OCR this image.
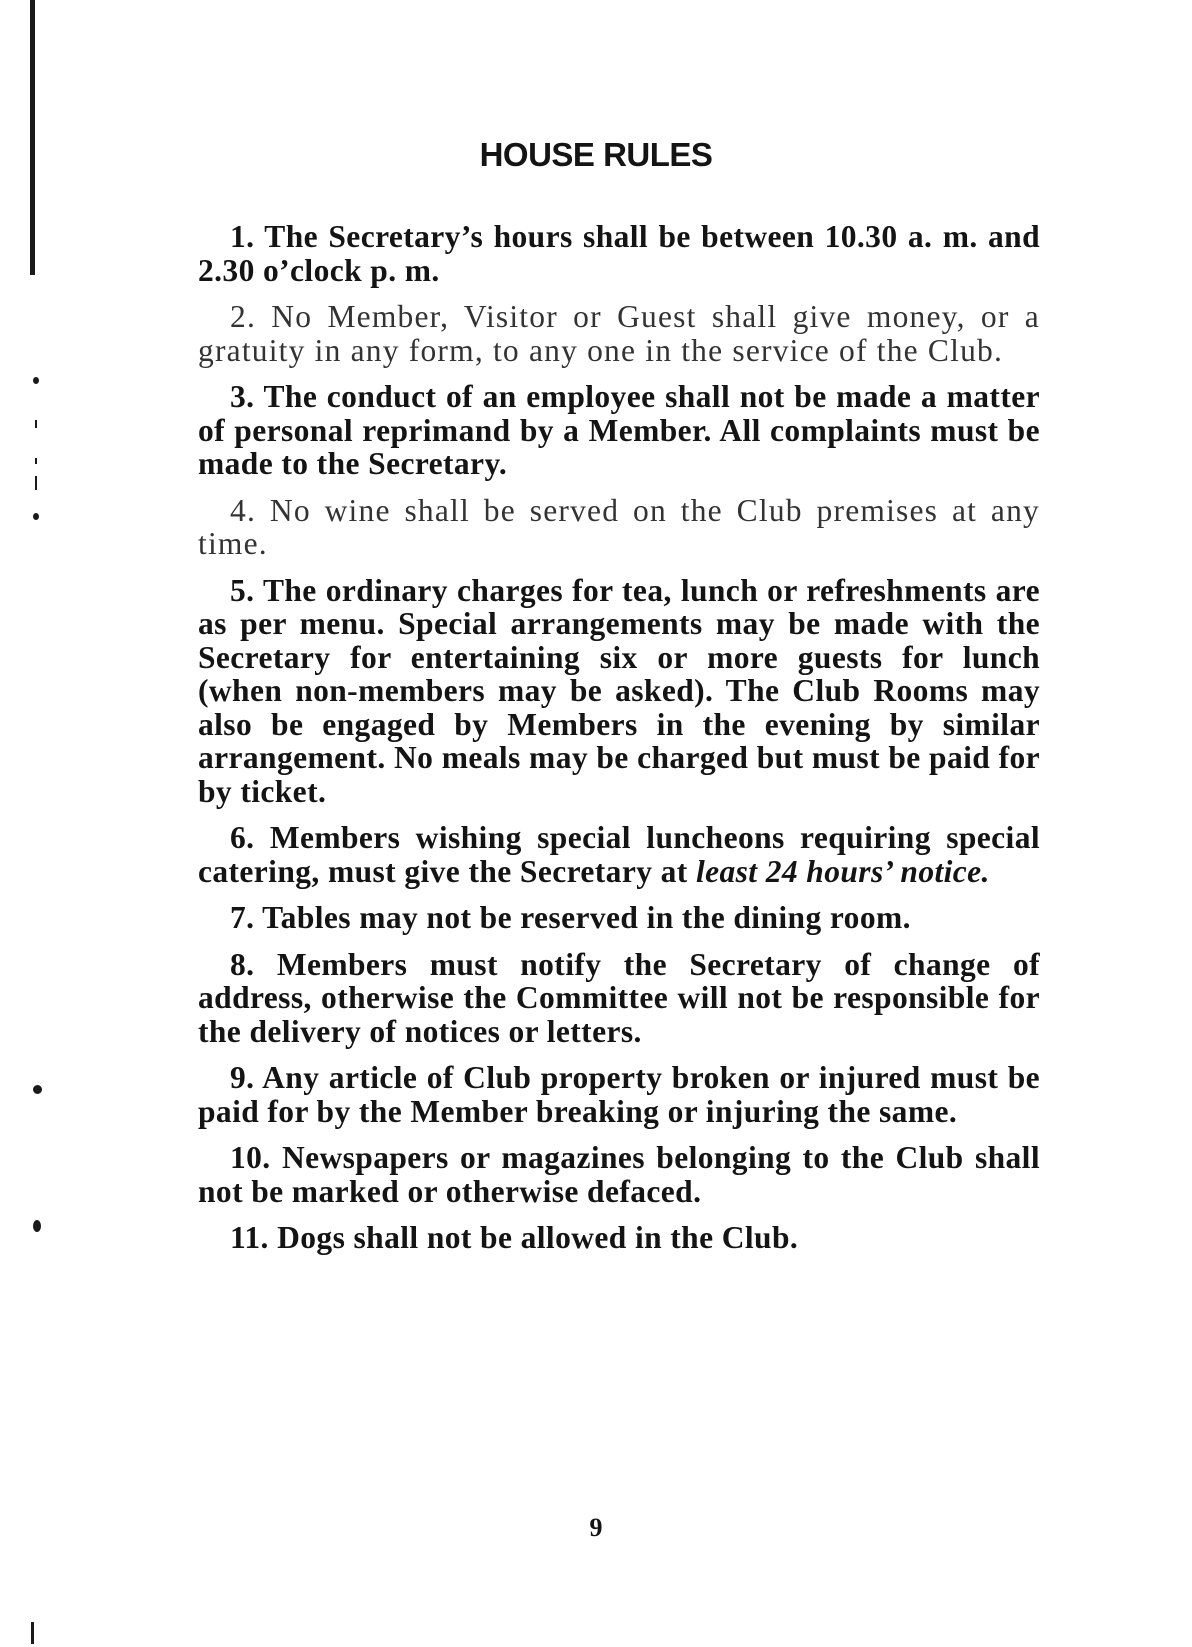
HOUSE RULES
1. The Secretary’s hours shall be between 10.30 a. m. and 2.30 o’clock p. m.
2. No Member, Visitor or Guest shall give money, or a gratuity in any form, to any one in the service of the Club.
3. The conduct of an employee shall not be made a matter of personal reprimand by a Member. All complaints must be made to the Secretary.
4. No wine shall be served on the Club premises at any time.
5. The ordinary charges for tea, lunch or refreshments are as per menu. Special arrangements may be made with the Secretary for entertaining six or more guests for lunch (when non-members may be asked). The Club Rooms may also be engaged by Members in the evening by similar arrangement. No meals may be charged but must be paid for by ticket.
6. Members wishing special luncheons requiring special catering, must give the Secretary at least 24 hours’ notice.
7. Tables may not be reserved in the dining room.
8. Members must notify the Secretary of change of address, otherwise the Committee will not be responsible for the delivery of notices or letters.
9. Any article of Club property broken or injured must be paid for by the Member breaking or injuring the same.
10. Newspapers or magazines belonging to the Club shall not be marked or otherwise defaced.
11. Dogs shall not be allowed in the Club.

9
